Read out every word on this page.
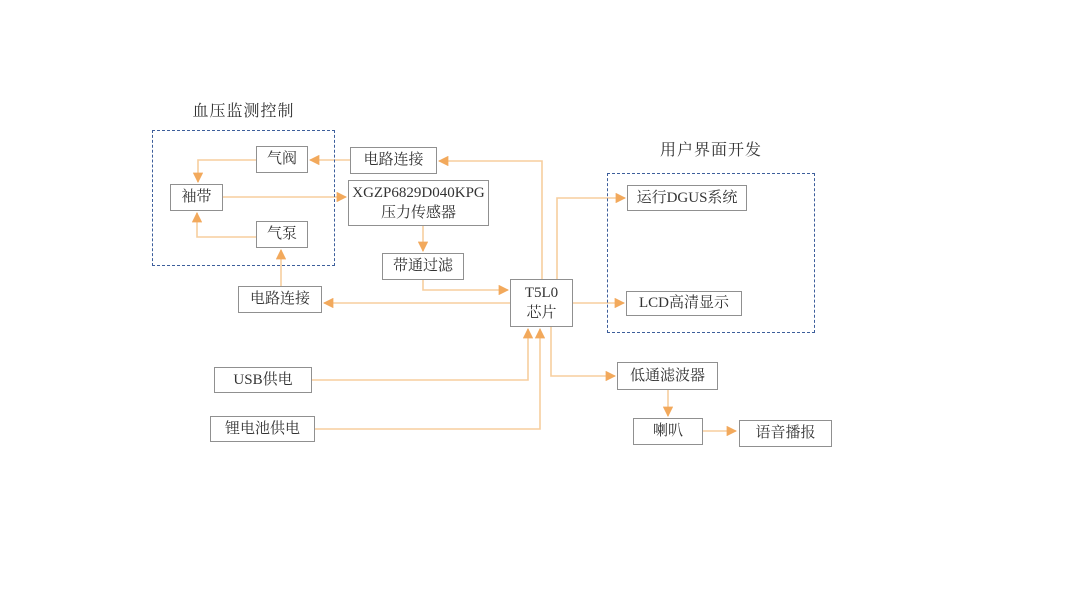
血压监测控制
用户界面开发
气阀	电路连接
袖带	XGZP6829D040KPG
压力传感器
气泵
带通过滤
电路连接	T5L0
芯片
运行DGUS系统
LCD高清显示
USB供电
锂电池供电
低通滤波器
喇叭	语音播报
